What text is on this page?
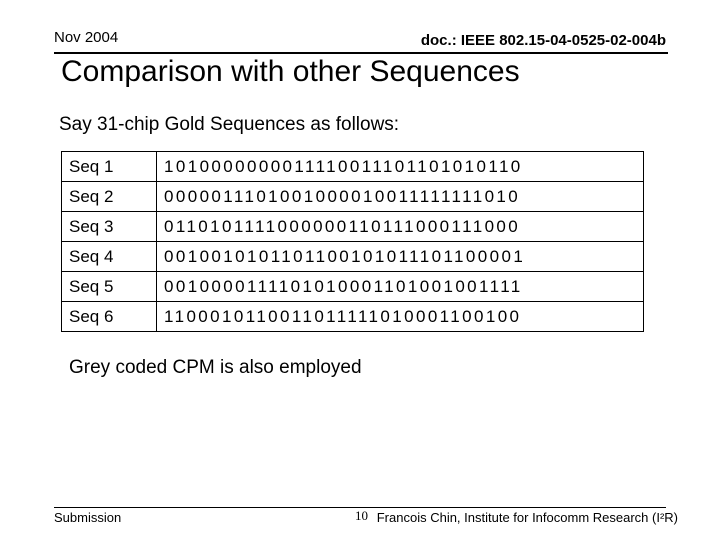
Nov 2004	doc.: IEEE 802.15-04-0525-02-004b
Comparison with other Sequences
Say 31-chip Gold Sequences as follows:
Seq 1	1010000000011110011101101010110
Seq 2	0000011101001000010011111111010
Seq 3	0110101111000000110111000111000
Seq 4	0010010101101100101011101100001
Seq 5	0010000111101010001101001001111
Seq 6	1100010110011011111010001100100
Grey coded CPM is also employed
Submission	10 Francois Chin, Institute for Infocomm Research (I²R)
